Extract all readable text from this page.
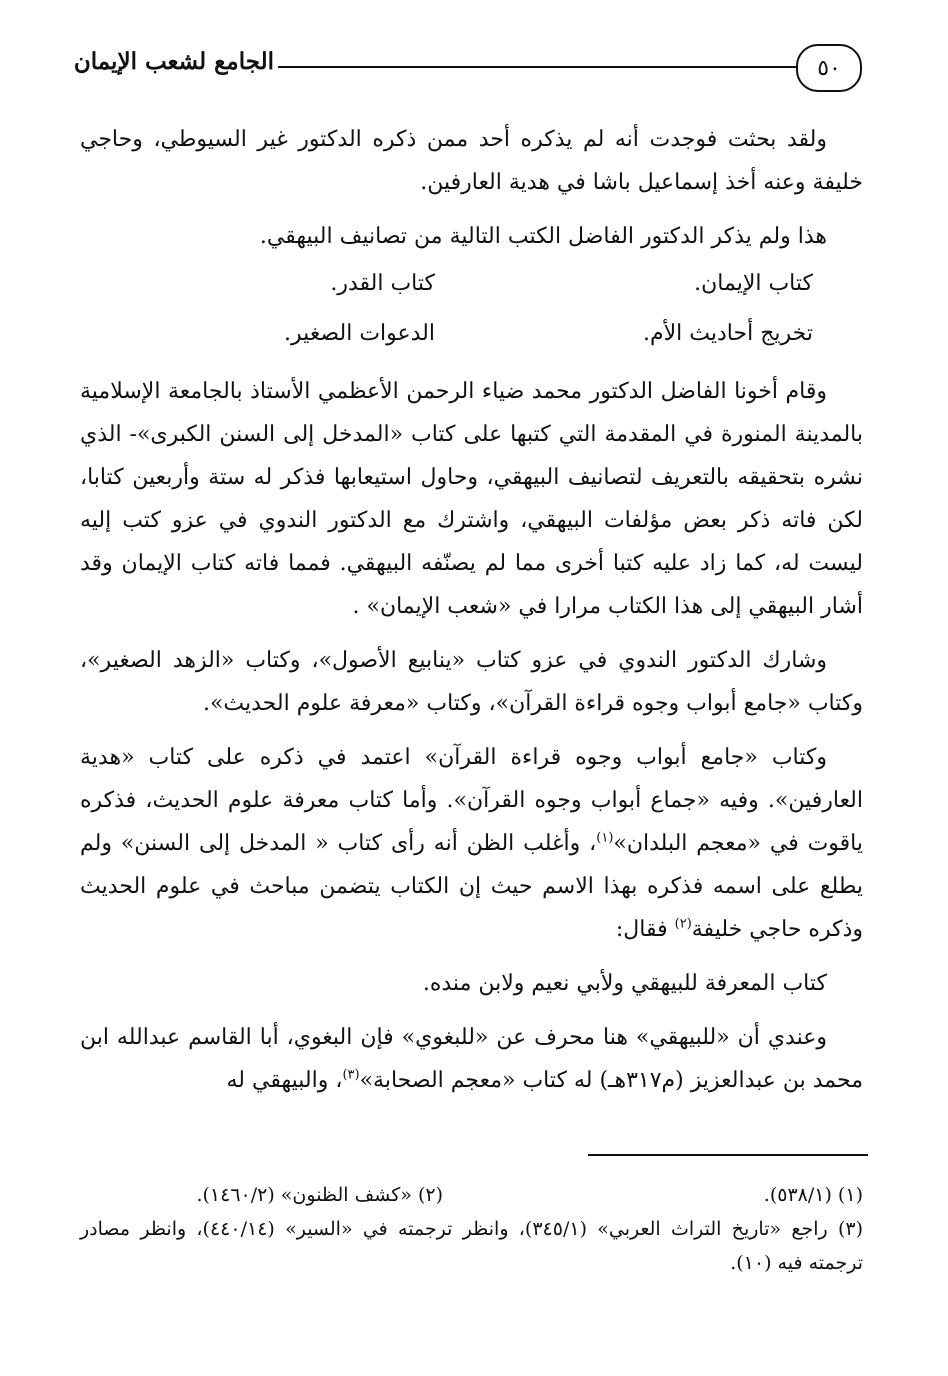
الجامع لشعب الإيمان	٥٠

ولقد بحثت فوجدت أنه لم يذكره أحد ممن ذكره الدكتور غير السيوطي، وحاجي خليفة وعنه أخذ إسماعيل باشا في هدية العارفين.

هذا ولم يذكر الدكتور الفاضل الكتب التالية من تصانيف البيهقي.

كتاب الإيمان.
كتاب القدر.
تخريج أحاديث الأم.
الدعوات الصغير.

وقام أخونا الفاضل الدكتور محمد ضياء الرحمن الأعظمي الأستاذ بالجامعة الإسلامية بالمدينة المنورة في المقدمة التي كتبها على كتاب «المدخل إلى السنن الكبرى»- الذي نشره بتحقيقه بالتعريف لتصانيف البيهقي، وحاول استيعابها فذكر له ستة وأربعين كتابا، لكن فاته ذكر بعض مؤلفات البيهقي، واشترك مع الدكتور الندوي في عزو كتب إليه ليست له، كما زاد عليه كتبا أخرى مما لم يصنّفه البيهقي. فمما فاته كتاب الإيمان وقد أشار البيهقي إلى هذا الكتاب مرارا في «شعب الإيمان» .

وشارك الدكتور الندوي في عزو كتاب «ينابيع الأصول»، وكتاب «الزهد الصغير»، وكتاب «جامع أبواب وجوه قراءة القرآن»، وكتاب «معرفة علوم الحديث».

وكتاب «جامع أبواب وجوه قراءة القرآن» اعتمد في ذكره على كتاب «هدية العارفين». وفيه «جماع أبواب وجوه القرآن». وأما كتاب معرفة علوم الحديث، فذكره ياقوت في «معجم البلدان»$^{(١)}$، وأغلب الظن أنه رأى كتاب « المدخل إلى السنن» ولم يطلع على اسمه فذكره بهذا الاسم حيث إن الكتاب يتضمن مباحث في علوم الحديث وذكره حاجي خليفة$^{(٢)}$ فقال:

كتاب المعرفة للبيهقي ولأبي نعيم ولابن منده.

وعندي أن «للبيهقي» هنا محرف عن «للبغوي» فإن البغوي، أبا القاسم عبدالله ابن محمد بن عبدالعزيز (م٣١٧هـ) له كتاب «معجم الصحابة»$^{(٣)}$، والبيهقي له

(١) (٥٣٨/١).
(٢) «كشف الظنون» (١٤٦٠/٢).
(٣) راجع «تاريخ التراث العربي» (٣٤٥/١)، وانظر ترجمته في «السير» (٤٤٠/١٤)، وانظر مصادر ترجمته فيه (١٠).
